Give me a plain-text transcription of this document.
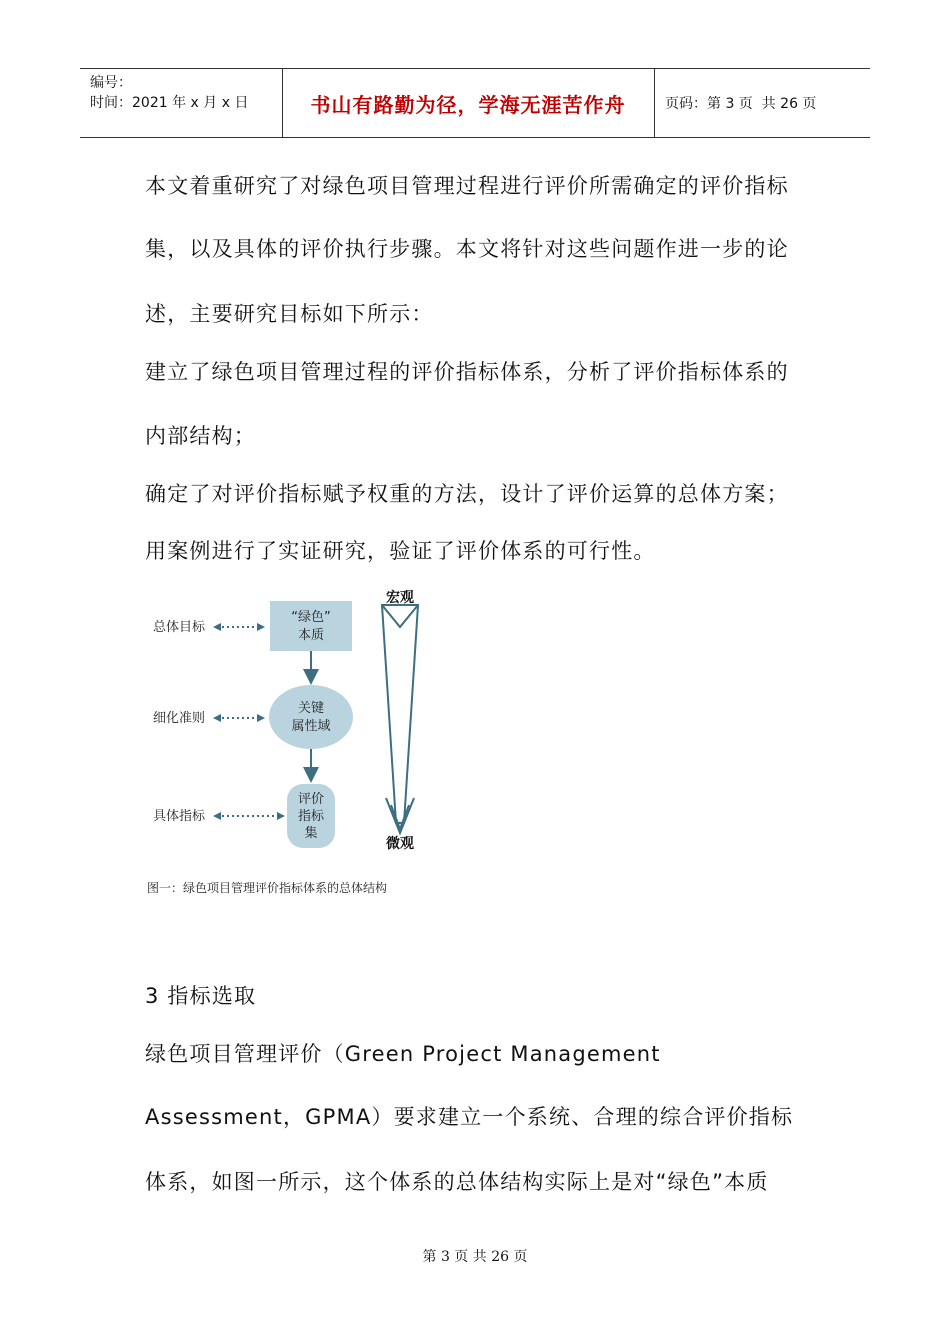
编号：
时间：2021 年 x 月 x 日	书山有路勤为径，学海无涯苦作舟	页码：第 3 页  共 26 页
本文着重研究了对绿色项目管理过程进行评价所需确定的评价指标
集，以及具体的评价执行步骤。本文将针对这些问题作进一步的论
述，主要研究目标如下所示：
建立了绿色项目管理过程的评价指标体系，分析了评价指标体系的
内部结构；
确定了对评价指标赋予权重的方法，设计了评价运算的总体方案；
用案例进行了实证研究，验证了评价体系的可行性。
总体目标
细化准则
具体指标
“绿色”
本质
关键
属性域
评价
指标
集
宏观
微观
图一：绿色项目管理评价指标体系的总体结构
3 指标选取
绿色项目管理评价（Green Project Management
Assessment，GPMA）要求建立一个系统、合理的综合评价指标
体系，如图一所示，这个体系的总体结构实际上是对“绿色”本质
第 3 页 共 26 页
